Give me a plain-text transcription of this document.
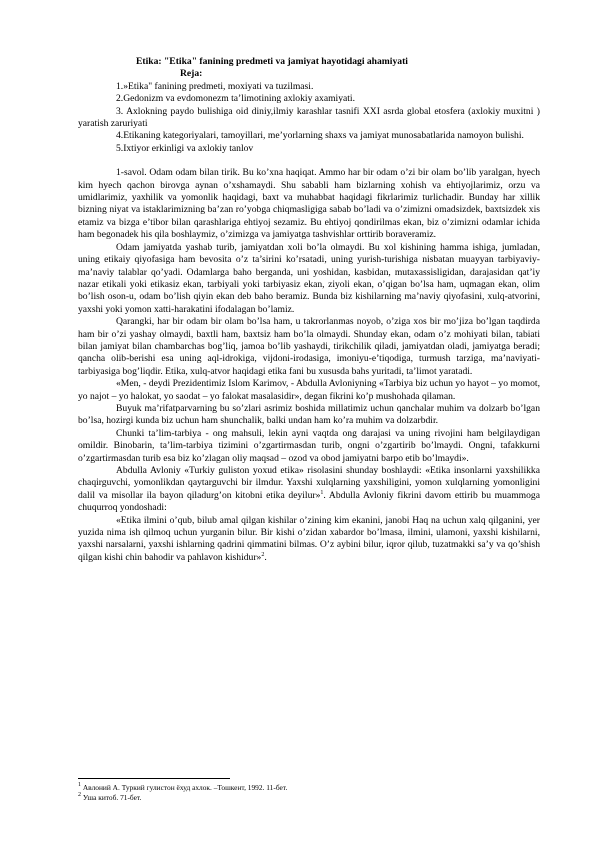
Etika: "Etika" fanining predmeti va jamiyat hayotidagi ahamiyati
Reja:

1.»Etika" fanining predmeti, moxiyati va tuzilmasi.

2.Gedonizm va evdomonezm ta’limotining axlokiy axamiyati.

3. Axlokning paydo bulishiga oid diniy,ilmiy karashlar tasnifi XXI asrda global etosfera (axlokiy muxitni ) yaratish zaruriyati

4.Etikaning kategoriyalari, tamoyillari, me’yorlarning shaxs va jamiyat munosabatlarida namoyon bulishi.

5.Ixtiyor erkinligi va axlokiy tanlov

1-savol. Odam odam bilan tirik. Bu ko’xna haqiqat. Ammo har bir odam o’zi bir olam bo’lib yaralgan, hyech kim hyech qachon birovga aynan o’xshamaydi. Shu sababli ham bizlarning xohish va ehtiyojlarimiz, orzu va umidlarimiz, yaxhilik va yomonlik haqidagi, baxt va muhabbat haqidagi fikrlarimiz turlichadir. Bunday har xillik bizning niyat va istaklarimizning ba’zan ro’yobga chiqmasligiga sabab bo’ladi va o’zimizni omadsizdek, baxtsizdek xis etamiz va bizga e’tibor bilan qarashlariga ehtiyoj sezamiz. Bu ehtiyoj qondirilmas ekan, biz o’zimizni odamlar ichida ham begonadek his qila boshlaymiz, o’zimizga va jamiyatga tashvishlar orttirib boraveramiz.

Odam jamiyatda yashab turib, jamiyatdan xoli bo’la olmaydi. Bu xol kishining hamma ishiga, jumladan, uning etikaiy qiyofasiga ham bevosita o’z ta’sirini ko’rsatadi, uning yurish-turishiga nisbatan muayyan tarbiyaviy-ma’naviy talablar qo’yadi. Odamlarga baho berganda, uni yoshidan, kasbidan, mutaxassisligidan, darajasidan qat’iy nazar etikali yoki etikasiz ekan, tarbiyali yoki tarbiyasiz ekan, ziyoli ekan, o’qigan bo’lsa ham, uqmagan ekan, olim bo’lish oson-u, odam bo’lish qiyin ekan deb baho beramiz. Bunda biz kishilarning ma’naviy qiyofasini, xulq-atvorini, yaxshi yoki yomon xatti-harakatini ifodalagan bo’lamiz.

Qarangki, har bir odam bir olam bo’lsa ham, u takrorlanmas noyob, o’ziga xos bir mo’jiza bo’lgan taqdirda ham bir o’zi yashay olmaydi, baxtli ham, baxtsiz ham bo’la olmaydi. Shunday ekan, odam o’z mohiyati bilan, tabiati bilan jamiyat bilan chambarchas bog’liq, jamoa bo’lib yashaydi, tirikchilik qiladi, jamiyatdan oladi, jamiyatga beradi; qancha olib-berishi esa uning aql-idrokiga, vijdoni-irodasiga, imoniyu-e’tiqodiga, turmush tarziga, ma’naviyati-tarbiyasiga bog’liqdir. Etika, xulq-atvor haqidagi etika fani bu xususda bahs yuritadi, ta’limot yaratadi.

«Men, - deydi Prezidentimiz Islom Karimov, - Abdulla Avloniyning «Tarbiya biz uchun yo hayot – yo momot, yo najot – yo halokat, yo saodat – yo falokat masalasidir», degan fikrini ko’p mushohada qilaman.

Buyuk ma’rifatparvarning bu so’zlari asrimiz boshida millatimiz uchun qanchalar muhim va dolzarb bo’lgan bo’lsa, hozirgi kunda biz uchun ham shunchalik, balki undan ham ko’ra muhim va dolzarbdir.

Chunki ta’lim-tarbiya - ong mahsuli, lekin ayni vaqtda ong darajasi va uning rivojini ham belgilaydigan omildir. Binobarin, ta’lim-tarbiya tizimini o’zgartirmasdan turib, ongni o’zgartirib bo’lmaydi. Ongni, tafakkurni o’zgartirmasdan turib esa biz ko’zlagan oliy maqsad – ozod va obod jamiyatni barpo etib bo’lmaydi».

Abdulla Avloniy «Turkiy guliston yoxud etika» risolasini shunday boshlaydi: «Etika insonlarni yaxshilikka chaqirguvchi, yomonlikdan qaytarguvchi bir ilmdur. Yaxshi xulqlarning yaxshiligini, yomon xulqlarning yomonligini dalil va misollar ila bayon qiladurg’on kitobni etika deyilur»$^1$. Abdulla Avloniy fikrini davom ettirib bu muammoga chuqurroq yondoshadi:

«Etika ilmini o’qub, bilub amal qilgan kishilar o’zining kim ekanini, janobi Haq na uchun xalq qilganini, yer yuzida nima ish qilmoq uchun yurganin bilur. Bir kishi o’zidan xabardor bo’lmasa, ilmini, ulamoni, yaxshi kishilarni, yaxshi narsalarni, yaxshi ishlarning qadrini qimmatini bilmas. O’z aybini bilur, iqror qilub, tuzatmakki sa’y va qo’shish qilgan kishi chin bahodir va pahlavon kishidur»$^2$.

$^1$ Авлоний А. Туркий гулистон ёхуд ахлок. –Тошкент, 1992. 11-бет.
$^2$ Уша китоб. 71-бет.
